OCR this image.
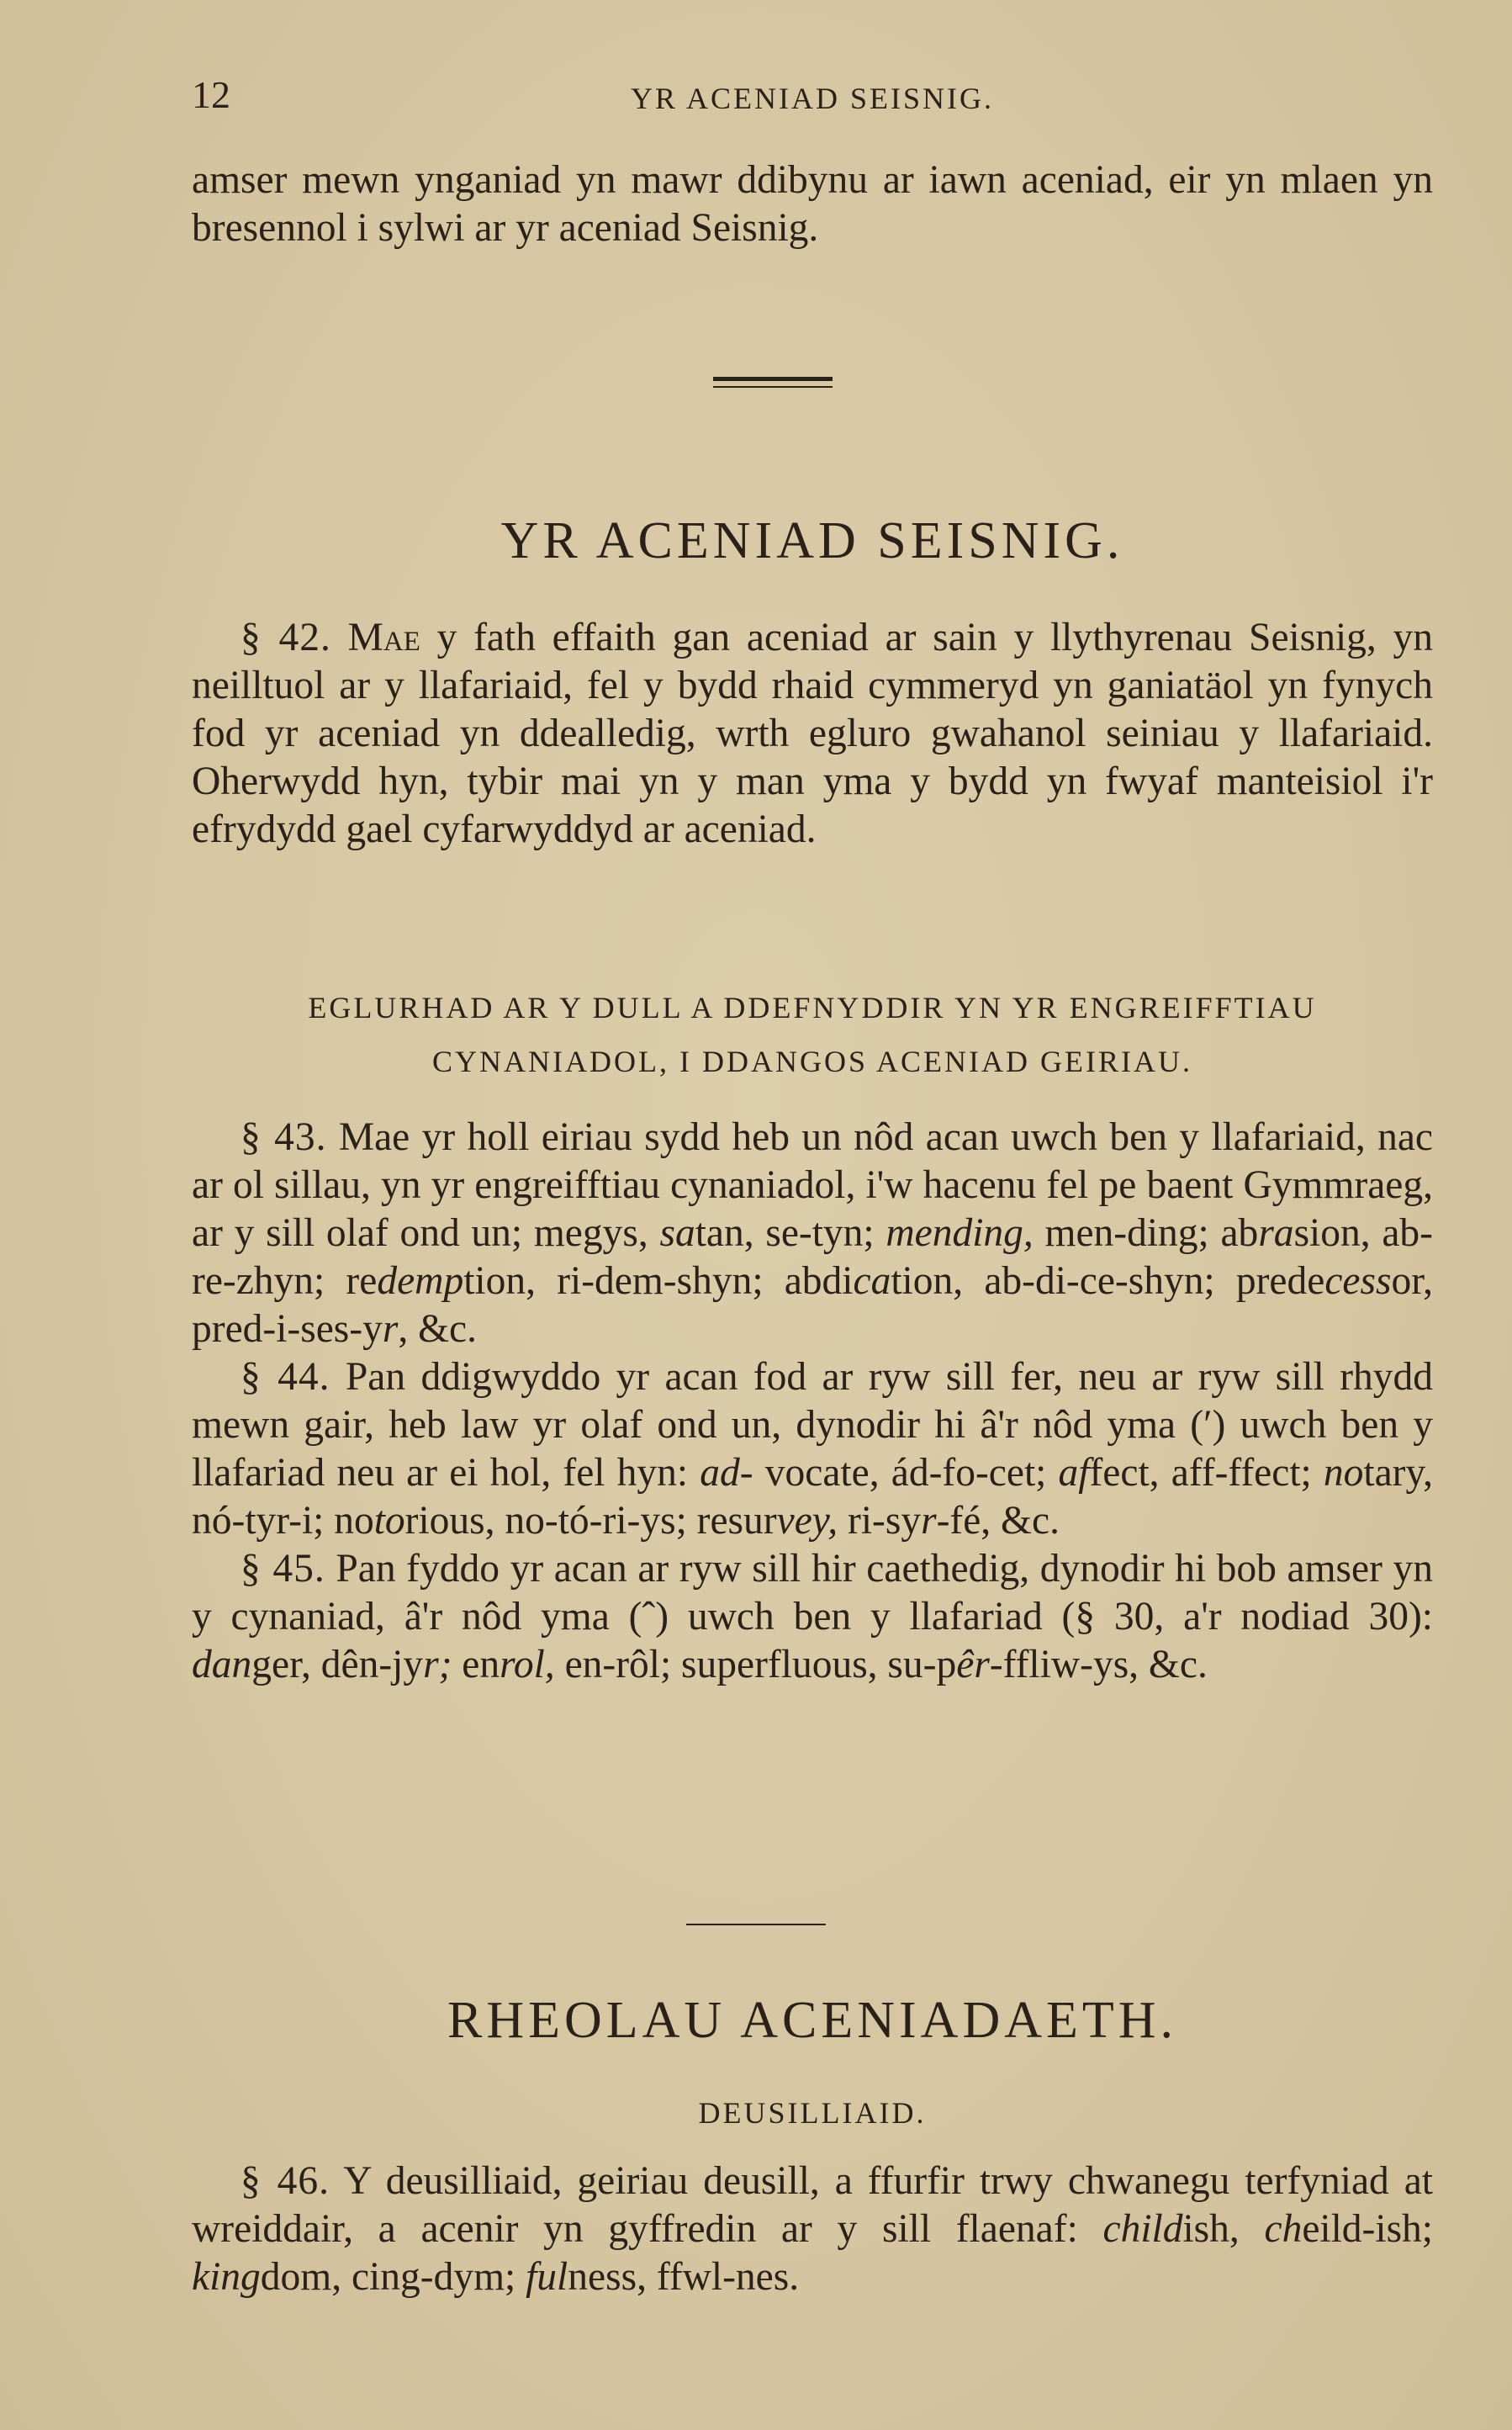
12	YR ACENIAD SEISNIG.

amser mewn ynganiad yn mawr ddibynu ar iawn aceniad, eir yn mlaen yn bresennol i sylwi ar yr aceniad Seisnig.

YR ACENIAD SEISNIG.

§ 42. Mae y fath effaith gan aceniad ar sain y llythyrenau Seisnig, yn neilltuol ar y llafariaid, fel y bydd rhaid cymmeryd yn ganiatäol yn fynych fod yr aceniad yn ddealledig, wrth egluro gwahanol seiniau y llafariaid. Oherwydd hyn, tybir mai yn y man yma y bydd yn fwyaf manteisiol i'r efrydydd gael cyfarwyddyd ar aceniad.

EGLURHAD AR Y DULL A DDEFNYDDIR YN YR ENGREIFFTIAU
CYNANIADOL, I DDANGOS ACENIAD GEIRIAU.

§ 43. Mae yr holl eiriau sydd heb un nôd acan uwch ben y llafariaid, nac ar ol sillau, yn yr engreifftiau cynaniadol, i'w hacenu fel pe baent Gymmraeg, ar y sill olaf ond un; megys, satan, se-tyn; mending, men-ding; abrasion, ab-re-zhyn; redemption, ri-dem-shyn; abdication, ab-di-ce-shyn; predecessor, pred-i-ses-yr, &c.

§ 44. Pan ddigwyddo yr acan fod ar ryw sill fer, neu ar ryw sill rhydd mewn gair, heb law yr olaf ond un, dynodir hi â'r nôd yma (′) uwch ben y llafariad neu ar ei hol, fel hyn: ad- vocate, ád-fo-cet; affect, aff-ffect; notary, nó-tyr-i; notorious, no-tó-ri-ys; resurvey, ri-syr-fé, &c.

§ 45. Pan fyddo yr acan ar ryw sill hir caethedig, dynodir hi bob amser yn y cynaniad, â'r nôd yma (ˆ) uwch ben y llafariad (§ 30, a'r nodiad 30): danger, dên-jyr; enrol, en-rôl; superfluous, su-pêr-ffliw-ys, &c.

RHEOLAU ACENIADAETH.
DEUSILLIAID.

§ 46. Y deusilliaid, geiriau deusill, a ffurfir trwy chwanegu terfyniad at wreiddair, a acenir yn gyffredin ar y sill flaenaf: childish, cheild-ish; kingdom, cing-dym; fulness, ffwl-nes.
